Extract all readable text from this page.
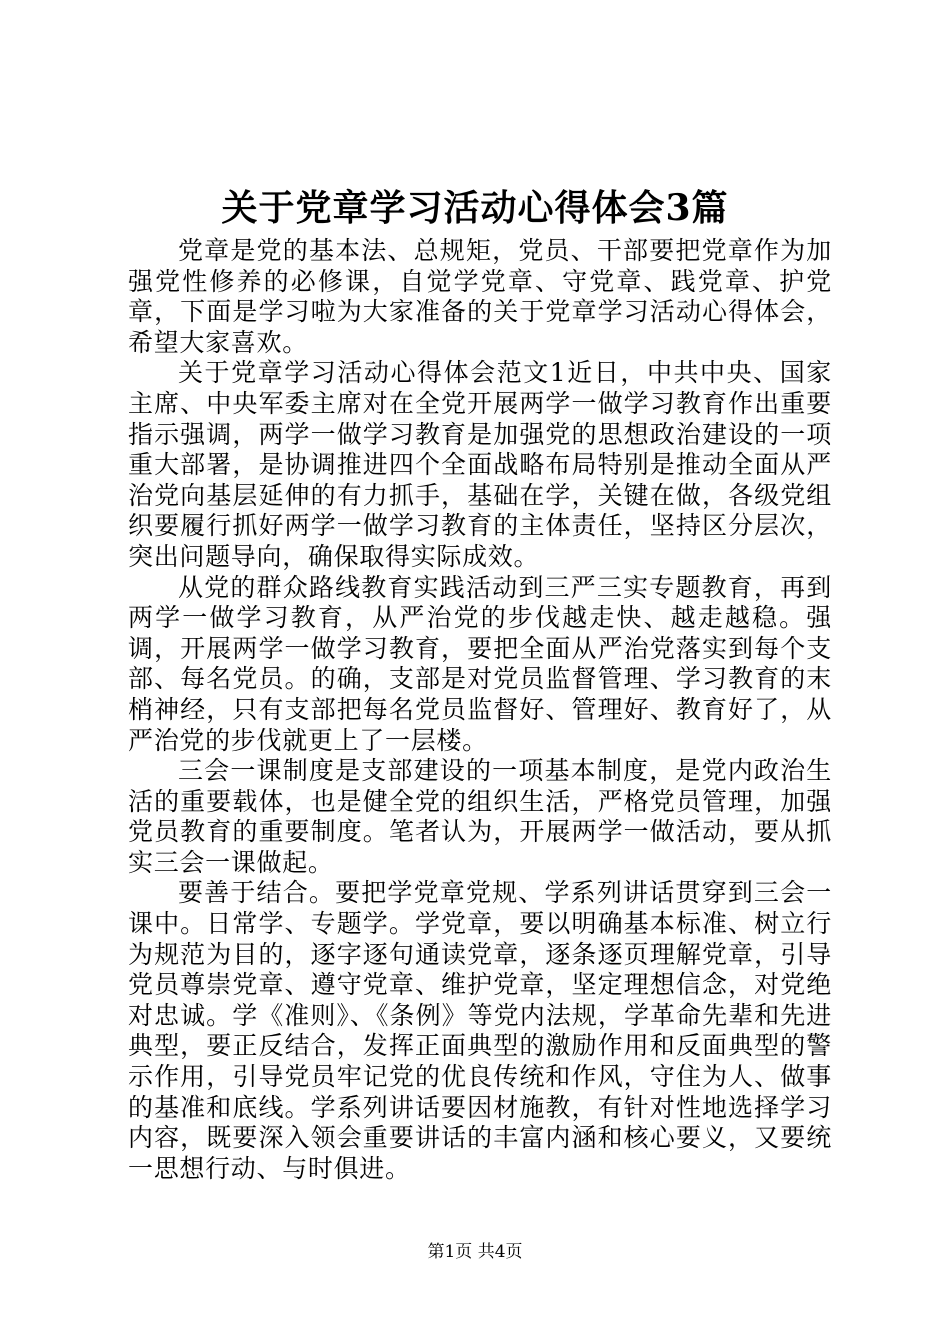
关于党章学习活动心得体会3篇

党章是党的基本法、总规矩，党员、干部要把党章作为加强党性修养的必修课，自觉学党章、守党章、践党章、护党章，下面是学习啦为大家准备的关于党章学习活动心得体会，希望大家喜欢。

关于党章学习活动心得体会范文1近日，中共中央、国家主席、中央军委主席对在全党开展两学一做学习教育作出重要指示强调，两学一做学习教育是加强党的思想政治建设的一项重大部署，是协调推进四个全面战略布局特别是推动全面从严治党向基层延伸的有力抓手，基础在学，关键在做，各级党组织要履行抓好两学一做学习教育的主体责任，坚持区分层次，突出问题导向，确保取得实际成效。

从党的群众路线教育实践活动到三严三实专题教育，再到两学一做学习教育，从严治党的步伐越走快、越走越稳。强调，开展两学一做学习教育，要把全面从严治党落实到每个支部、每名党员。的确，支部是对党员监督管理、学习教育的末梢神经，只有支部把每名党员监督好、管理好、教育好了，从严治党的步伐就更上了一层楼。

三会一课制度是支部建设的一项基本制度，是党内政治生活的重要载体，也是健全党的组织生活，严格党员管理，加强党员教育的重要制度。笔者认为，开展两学一做活动，要从抓实三会一课做起。

要善于结合。要把学党章党规、学系列讲话贯穿到三会一课中。日常学、专题学。学党章，要以明确基本标准、树立行为规范为目的，逐字逐句通读党章，逐条逐页理解党章，引导党员尊崇党章、遵守党章、维护党章，坚定理想信念，对党绝对忠诚。学《准则》、《条例》等党内法规，学革命先辈和先进典型，要正反结合，发挥正面典型的激励作用和反面典型的警示作用，引导党员牢记党的优良传统和作风，守住为人、做事的基准和底线。学系列讲话要因材施教，有针对性地选择学习内容，既要深入领会重要讲话的丰富内涵和核心要义，又要统一思想行动、与时俱进。

第1页 共4页
